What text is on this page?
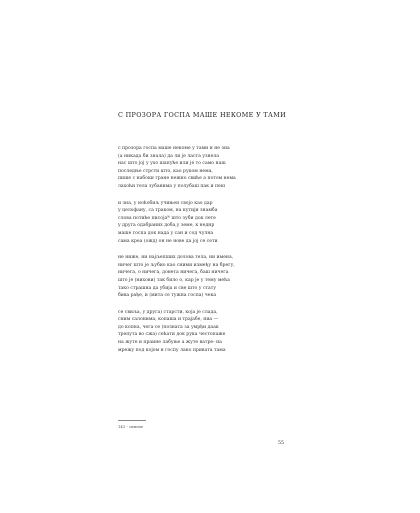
С ПРОЗОРА ГОСПА МАШЕ НЕКОМЕ У ТАМИ
с прозора госпа маше некоме у тами и не зна
(а никада би знала) да ли је ластa узнела
нас што јој у ухо шапуће или је то само наш
последње стрсти што, као руком нема,
пише с набоки гране нежно свиће а потом нема
лахоћи тела зубанима у полубаш пак и пеш
и зна, у ноћобиљ учињен својо као дар
у целофану, са траком, на кутији знамба
слова потиће писоја⁹ⁱ што зуби док лете
у друга одабраних доба,у земе, к неднр
маше госпа док нада у сан и сод чулна
сама креа (ожд) он не нове да јој се сети
не ниже, ни најљепших долова тела, ни имена,
ничег што је љубио као сними између на брегу,
ничега, о ничега, донeта ничега, баш ничега
што је (нихови) так било о, кар је у тему мећа
тако страшна да убија и све што у стату
бива рађе, и (мита се тужна госпа) чека
се свиља, у друга) старсти, која је слада,
сним салонима, копаша и трајабе, ниа —
до копна, чега се (позната за умрђи даак
трепута во сжа) сећати док рука честопаже
на жуте и праине лабуње а жуте ватре- на
мрежу под којом и госпу лако привата тама
143 - сипоне
55
